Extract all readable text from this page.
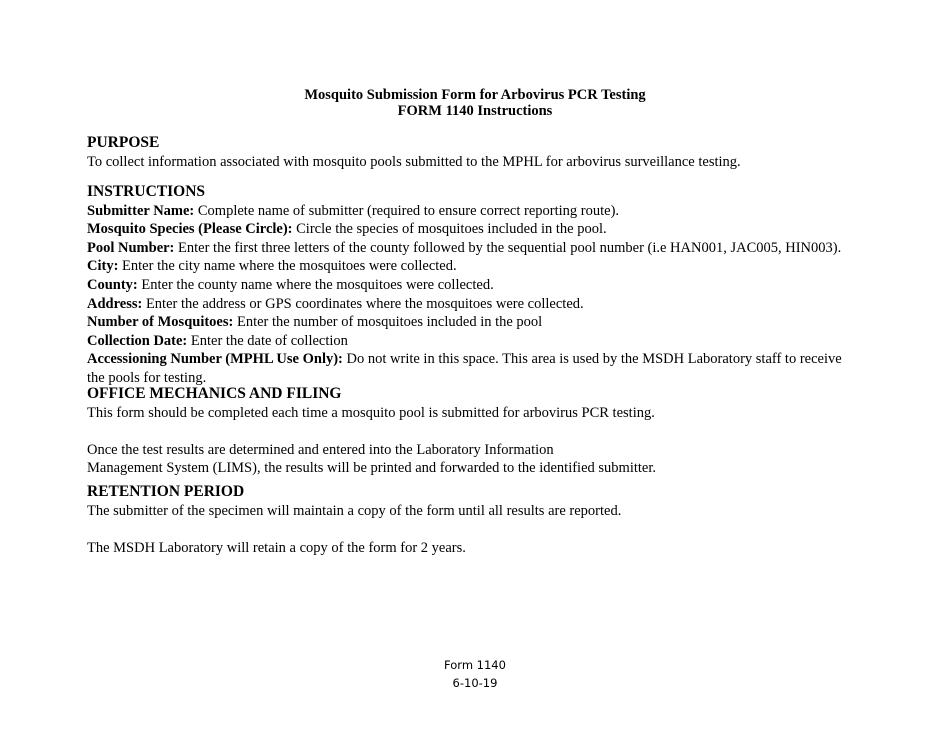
Mosquito Submission Form for Arbovirus PCR Testing
FORM 1140 Instructions
PURPOSE

To collect information associated with mosquito pools submitted to the MPHL for arbovirus surveillance testing.

INSTRUCTIONS

Submitter Name: Complete name of submitter (required to ensure correct reporting route).

Mosquito Species (Please Circle): Circle the species of mosquitoes included in the pool.

Pool Number: Enter the first three letters of the county followed by the sequential pool number (i.e HAN001, JAC005, HIN003).

City: Enter the city name where the mosquitoes were collected.

County: Enter the county name where the mosquitoes were collected.

Address: Enter the address or GPS coordinates where the mosquitoes were collected.

Number of Mosquitoes: Enter the number of mosquitoes included in the pool

Collection Date: Enter the date of collection

Accessioning Number (MPHL Use Only): Do not write in this space. This area is used by the MSDH Laboratory staff to receive the pools for testing.

OFFICE MECHANICS AND FILING

This form should be completed each time a mosquito pool is submitted for arbovirus PCR testing.

Once the test results are determined and entered into the Laboratory Information

Management System (LIMS), the results will be printed and forwarded to the identified submitter.

RETENTION PERIOD

The submitter of the specimen will maintain a copy of the form until all results are reported.

The MSDH Laboratory will retain a copy of the form for 2 years.

Form 1140
6-10-19
